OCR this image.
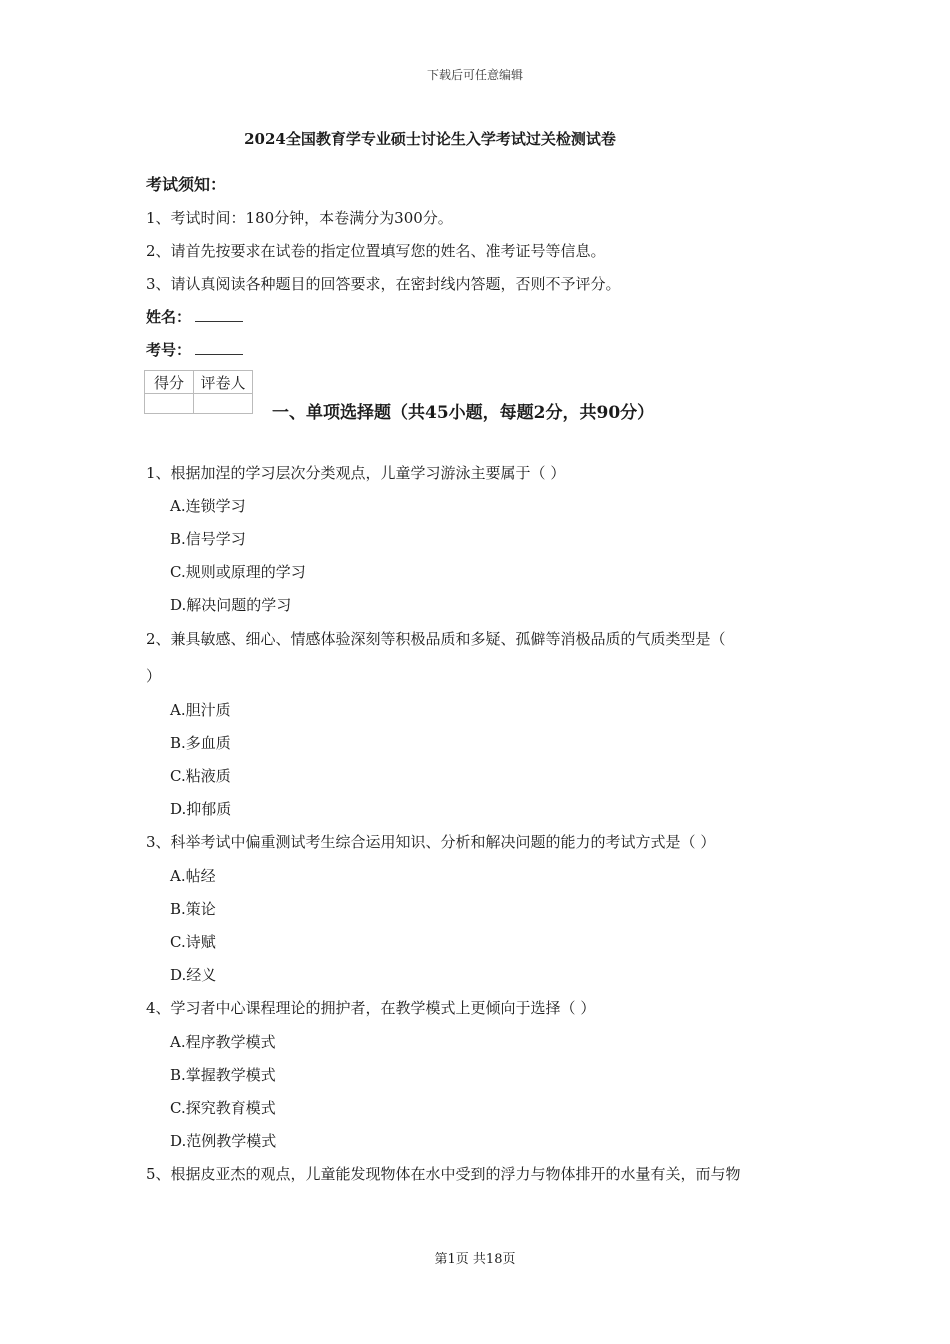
下载后可任意编辑
2024全国教育学专业硕士讨论生入学考试过关检测试卷
考试须知：
1、考试时间：180分钟，本卷满分为300分。
2、请首先按要求在试卷的指定位置填写您的姓名、准考证号等信息。
3、请认真阅读各种题目的回答要求，在密封线内答题，否则不予评分。
姓名：
考号：
得分	评卷人

一、单项选择题（共45小题，每题2分，共90分）
1、根据加涅的学习层次分类观点，儿童学习游泳主要属于（ ）
A.连锁学习
B.信号学习
C.规则或原理的学习
D.解决问题的学习
2、兼具敏感、细心、情感体验深刻等积极品质和多疑、孤僻等消极品质的气质类型是（
）
A.胆汁质
B.多血质
C.粘液质
D.抑郁质
3、科举考试中偏重测试考生综合运用知识、分析和解决问题的能力的考试方式是（ ）
A.帖经
B.策论
C.诗赋
D.经义
4、学习者中心课程理论的拥护者，在教学模式上更倾向于选择（ ）
A.程序教学模式
B.掌握教学模式
C.探究教育模式
D.范例教学模式
5、根据皮亚杰的观点，儿童能发现物体在水中受到的浮力与物体排开的水量有关，而与物
第1页 共18页
